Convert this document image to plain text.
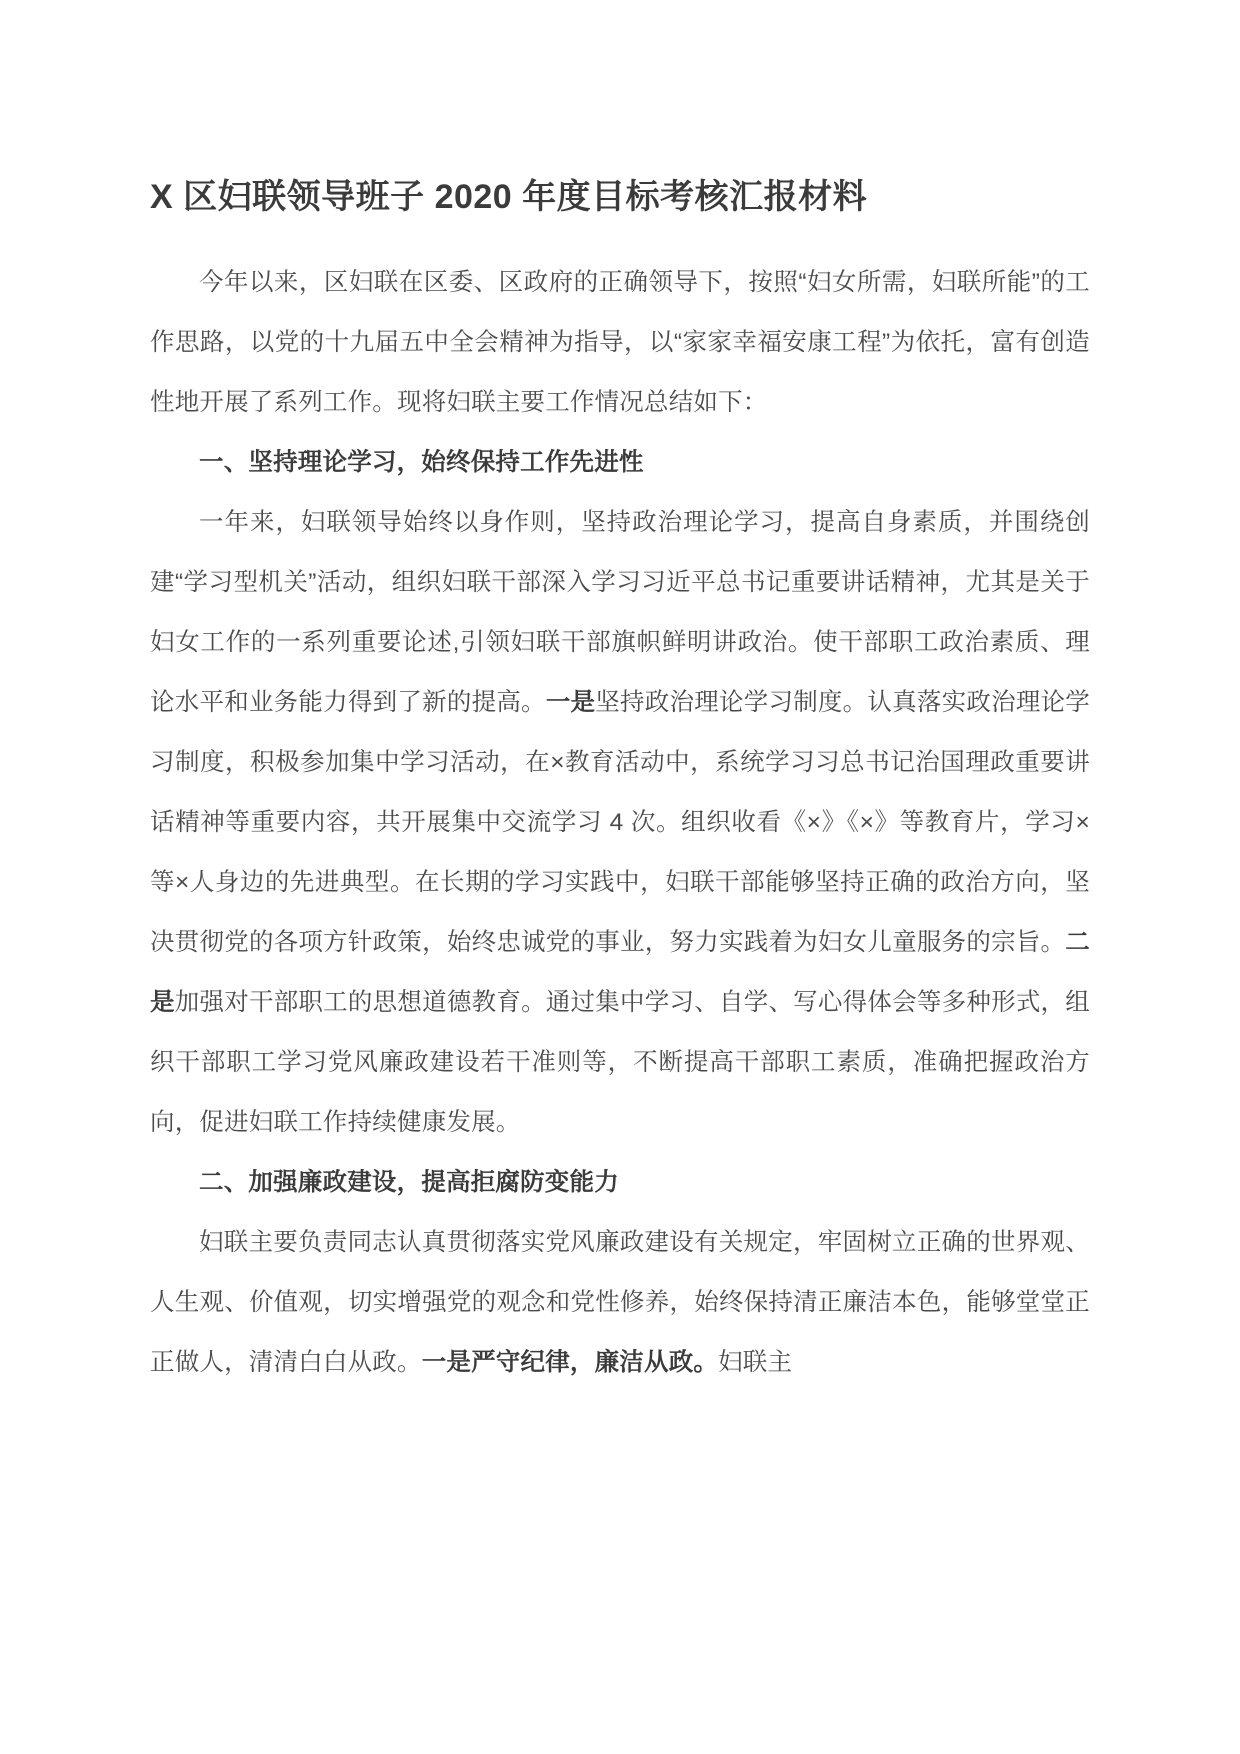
X 区妇联领导班子 2020 年度目标考核汇报材料

今年以来，区妇联在区委、区政府的正确领导下，按照“妇女所需，妇联所能”的工作思路，以党的十九届五中全会精神为指导，以“家家幸福安康工程”为依托，富有创造性地开展了系列工作。现将妇联主要工作情况总结如下：

一、坚持理论学习，始终保持工作先进性

一年来，妇联领导始终以身作则，坚持政治理论学习，提高自身素质，并围绕创建“学习型机关”活动，组织妇联干部深入学习习近平总书记重要讲话精神，尤其是关于妇女工作的一系列重要论述,引领妇联干部旗帜鲜明讲政治。使干部职工政治素质、理论水平和业务能力得到了新的提高。一是坚持政治理论学习制度。认真落实政治理论学习制度，积极参加集中学习活动，在×教育活动中，系统学习习总书记治国理政重要讲话精神等重要内容，共开展集中交流学习 4 次。组织收看《×》《×》等教育片，学习×等×人身边的先进典型。在长期的学习实践中，妇联干部能够坚持正确的政治方向，坚决贯彻党的各项方针政策，始终忠诚党的事业，努力实践着为妇女儿童服务的宗旨。二是加强对干部职工的思想道德教育。通过集中学习、自学、写心得体会等多种形式，组织干部职工学习党风廉政建设若干准则等，不断提高干部职工素质，准确把握政治方向，促进妇联工作持续健康发展。

二、加强廉政建设，提高拒腐防变能力

妇联主要负责同志认真贯彻落实党风廉政建设有关规定，牢固树立正确的世界观、人生观、价值观，切实增强党的观念和党性修养，始终保持清正廉洁本色，能够堂堂正正做人，清清白白从政。一是严守纪律，廉洁从政。妇联主
